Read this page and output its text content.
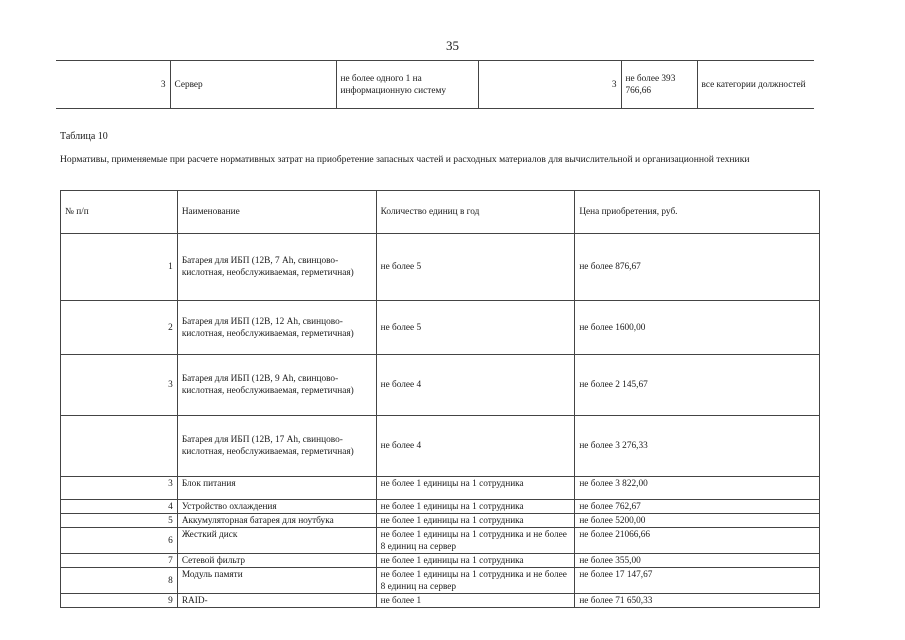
35
3	Сервер	не более одного 1 на информационную систему	3	не более 393 766,66	все категории должностей
Таблица 10
Нормативы, применяемые при расчете нормативных затрат на приобретение запасных частей и расходных материалов для вычислительной и организационной техники
№ п/п	Наименование	Количество единиц в год	Цена приобретения, руб.
1	Батарея для ИБП (12В, 7 Ah, свинцово-кислотная, необслуживаемая, герметичная)	не более 5	не более 876,67
2	Батарея для ИБП (12В, 12 Ah, свинцово-кислотная, необслуживаемая, герметичная)	не более 5	не более 1600,00
3	Батарея для ИБП (12В, 9 Ah, свинцово-кислотная, необслуживаемая, герметичная)	не более 4	не более 2 145,67
	Батарея для ИБП (12В, 17 Ah, свинцово-кислотная, необслуживаемая, герметичная)	не более 4	не более 3 276,33
3	Блок питания	не более 1 единицы на 1 сотрудника	не более 3 822,00
4	Устройство охлаждения	не более 1 единицы на 1 сотрудника	не более 762,67
5	Аккумуляторная батарея для ноутбука	не более 1 единицы на 1 сотрудника	не более 5200,00
6	Жесткий диск	не более 1 единицы на 1 сотрудника и не более 8 единиц на сервер	не более 21066,66
7	Сетевой фильтр	не более 1 единицы на 1 сотрудника	не более 355,00
8	Модуль памяти	не более 1 единицы на 1 сотрудника и не более 8 единиц на сервер	не более 17 147,67
9	RAID-	не более 1	не более 71 650,33
